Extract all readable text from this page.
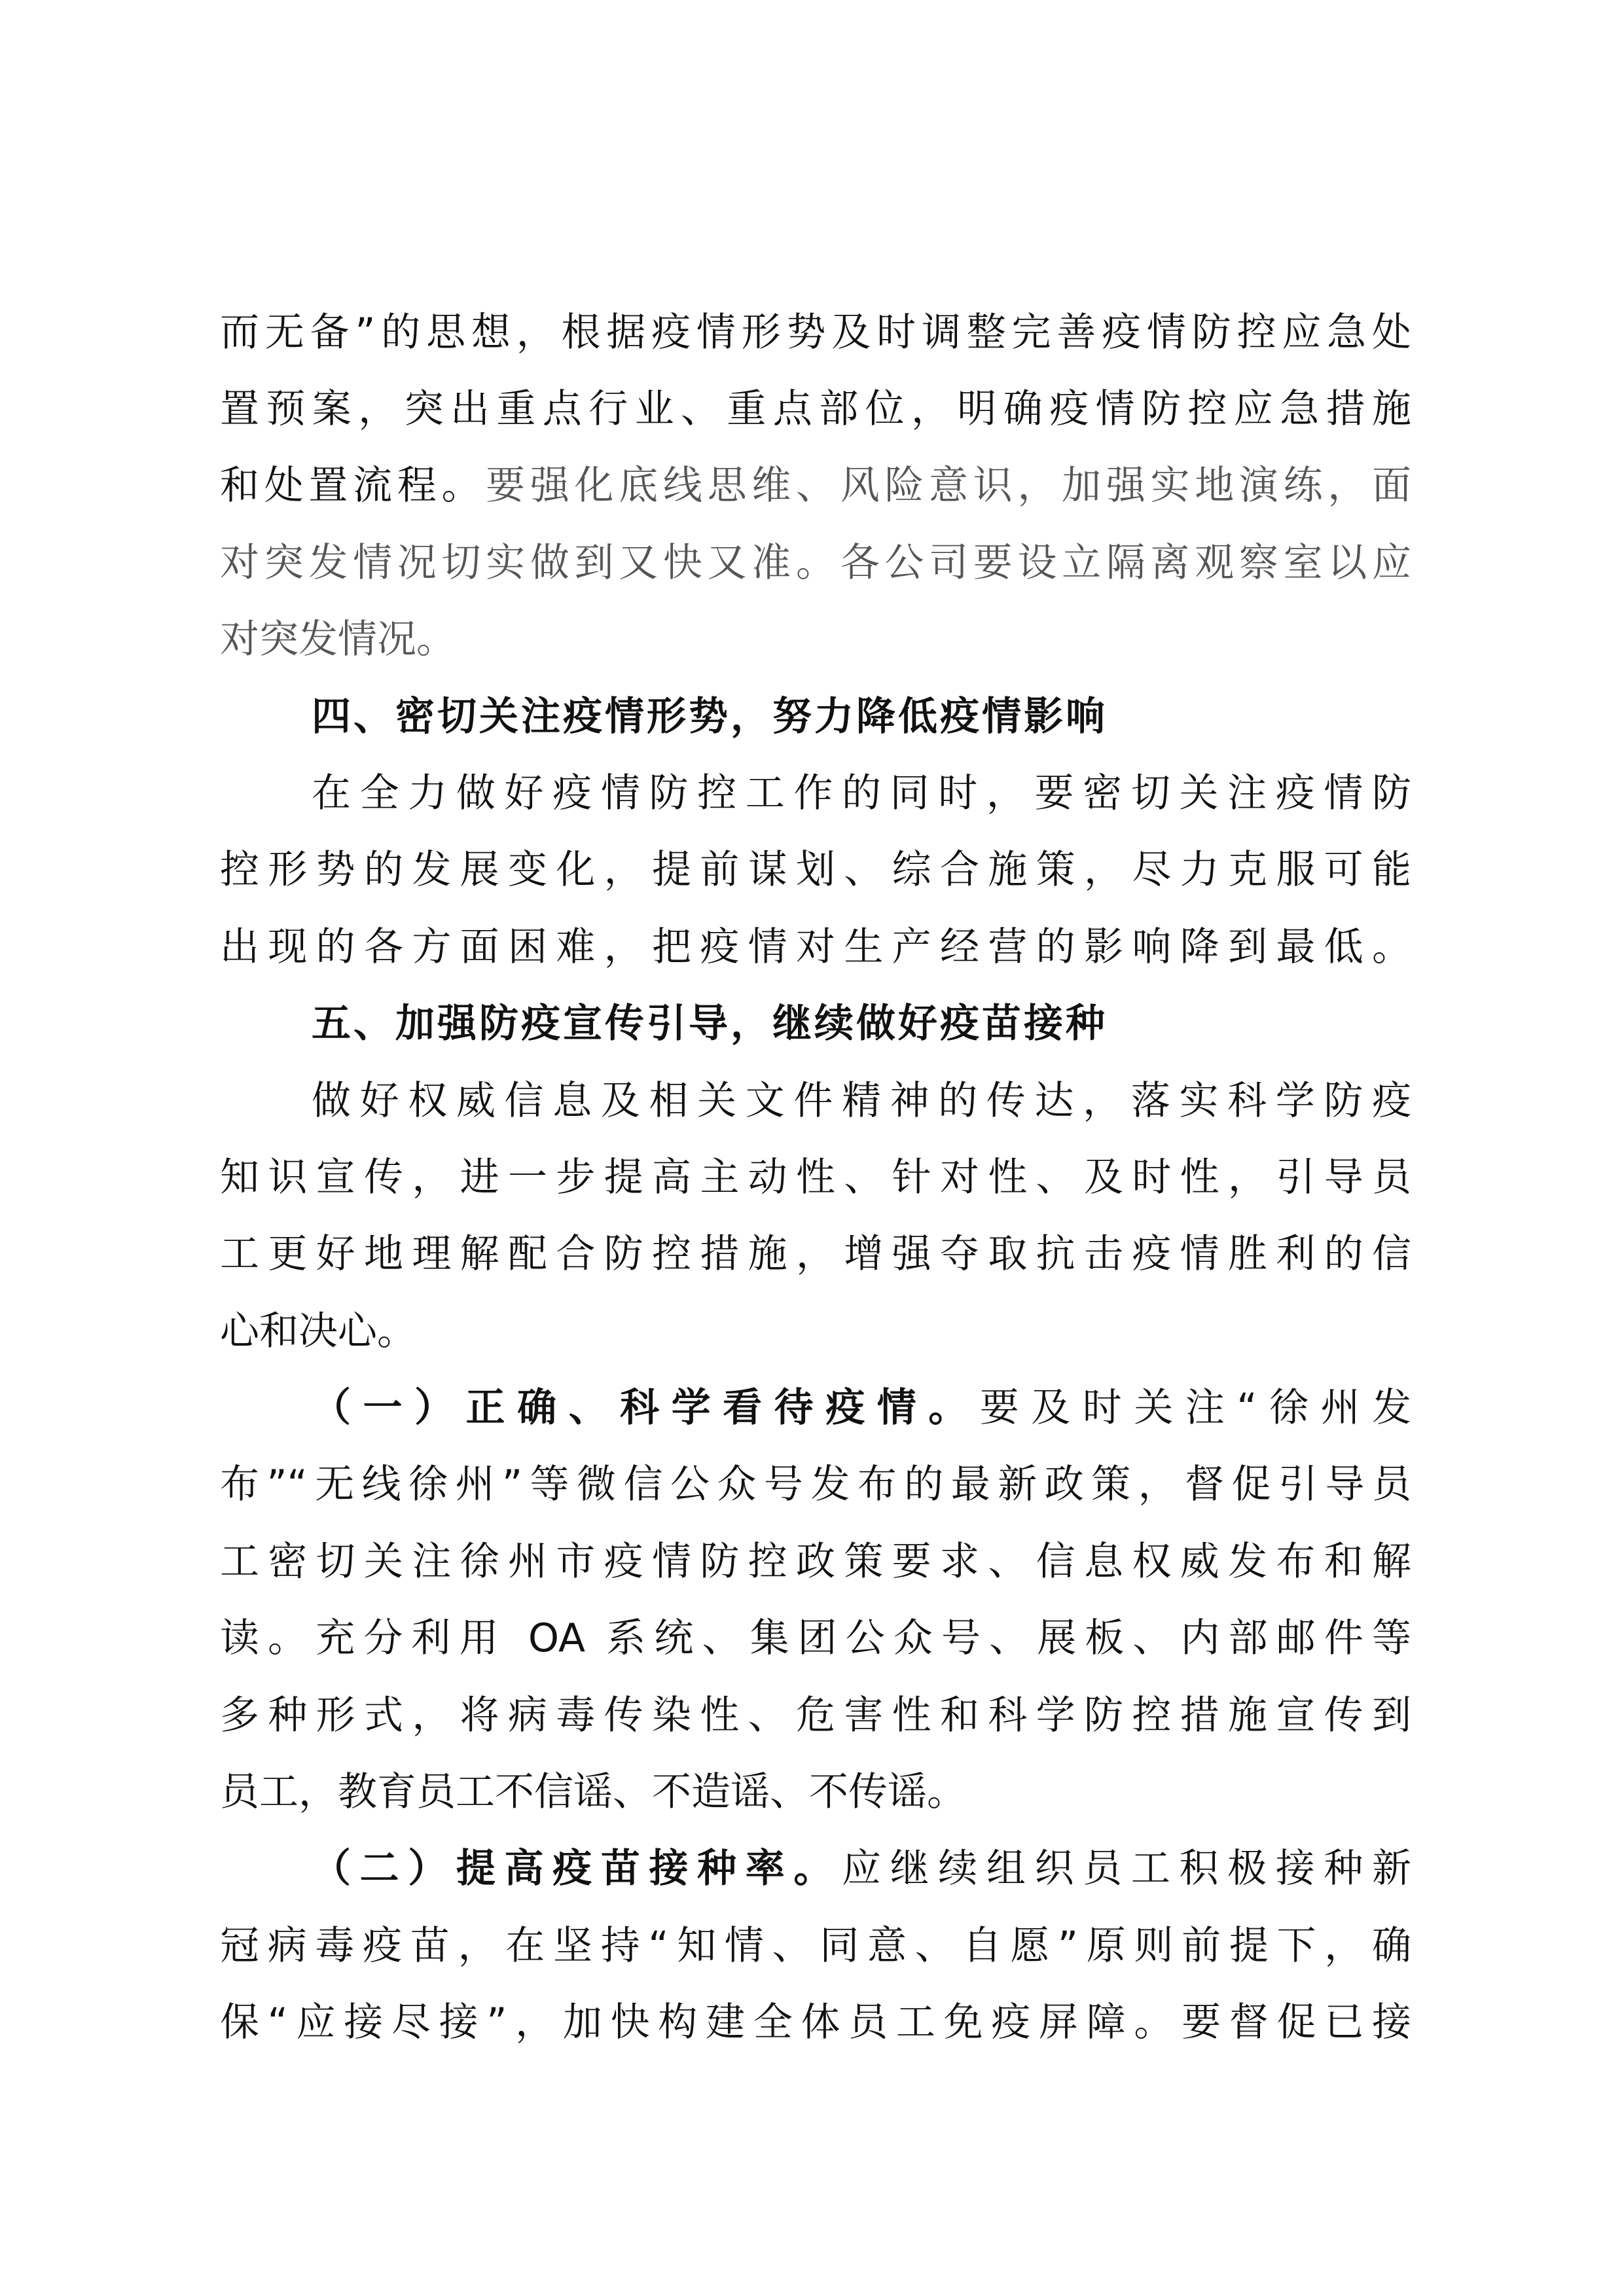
而无备”的思想，根据疫情形势及时调整完善疫情防控应急处
置预案，突出重点行业、重点部位，明确疫情防控应急措施
和处置流程。要强化底线思维、风险意识，加强实地演练，面
对突发情况切实做到又快又准。各公司要设立隔离观察室以应
对突发情况。
四、密切关注疫情形势，努力降低疫情影响
在全力做好疫情防控工作的同时，要密切关注疫情防
控形势的发展变化，提前谋划、综合施策，尽力克服可能
出现的各方面困难，把疫情对生产经营的影响降到最低。
五、加强防疫宣传引导，继续做好疫苗接种
做好权威信息及相关文件精神的传达，落实科学防疫
知识宣传，进一步提高主动性、针对性、及时性，引导员
工更好地理解配合防控措施，增强夺取抗击疫情胜利的信
心和决心。
（一）正确、科学看待疫情。要及时关注“徐州发
布”“无线徐州”等微信公众号发布的最新政策，督促引导员
工密切关注徐州市疫情防控政策要求、信息权威发布和解
读。充分利用 OA 系统、集团公众号、展板、内部邮件等
多种形式，将病毒传染性、危害性和科学防控措施宣传到
员工，教育员工不信谣、不造谣、不传谣。
（二）提高疫苗接种率。应继续组织员工积极接种新
冠病毒疫苗，在坚持“知情、同意、自愿”原则前提下，确
保“应接尽接”，加快构建全体员工免疫屏障。要督促已接
